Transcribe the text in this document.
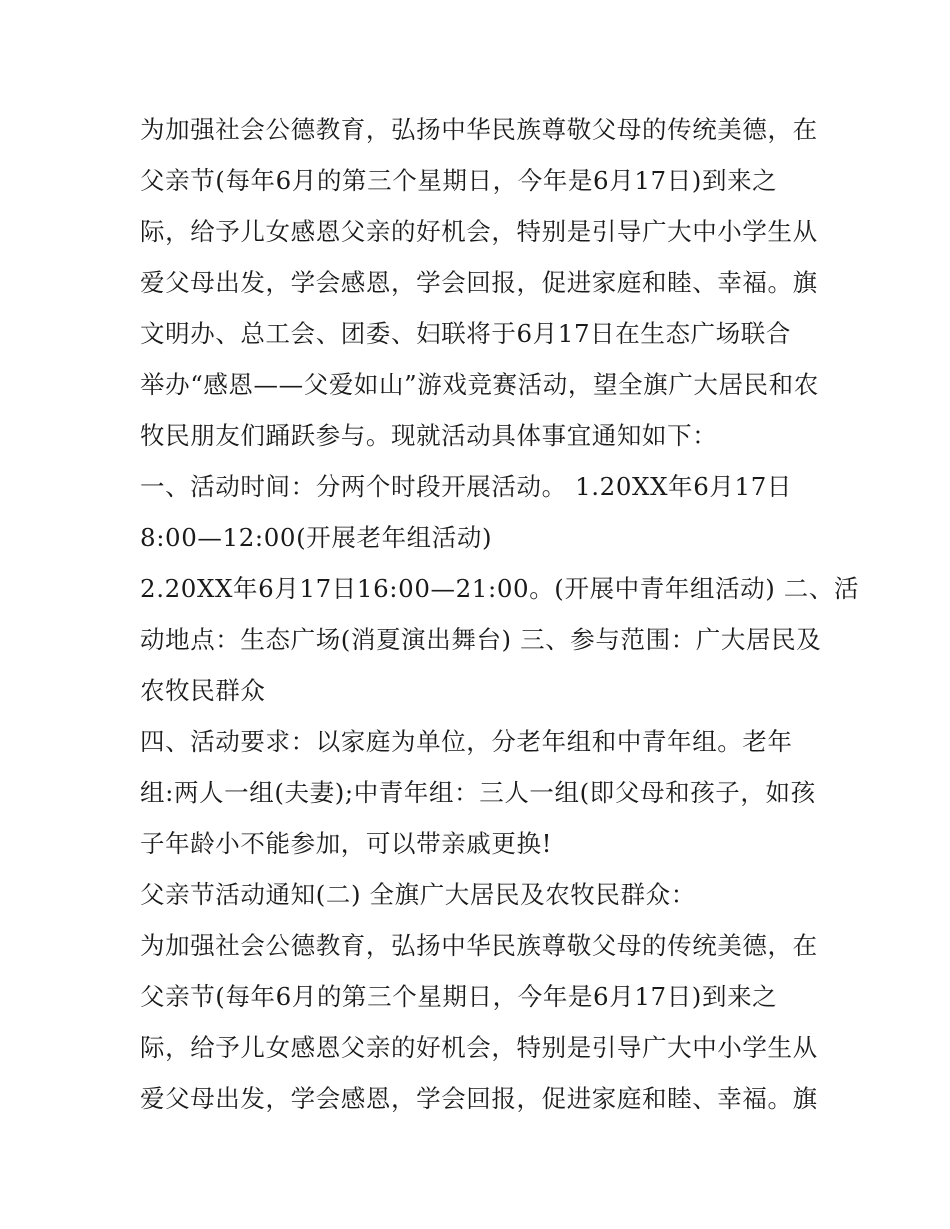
为加强社会公德教育，弘扬中华民族尊敬父母的传统美德，在
父亲节(每年6月的第三个星期日，今年是6月17日)到来之
际，给予儿女感恩父亲的好机会，特别是引导广大中小学生从
爱父母出发，学会感恩，学会回报，促进家庭和睦、幸福。旗
文明办、总工会、团委、妇联将于6月17日在生态广场联合
举办“感恩——父爱如山”游戏竞赛活动，望全旗广大居民和农
牧民朋友们踊跃参与。现就活动具体事宜通知如下：
一、活动时间：分两个时段开展活动。 1.20XX年6月17日
8:00—12:00(开展老年组活动)
2.20XX年6月17日16:00—21:00。(开展中青年组活动) 二、活
动地点：生态广场(消夏演出舞台) 三、参与范围：广大居民及
农牧民群众
四、活动要求：以家庭为单位，分老年组和中青年组。老年
组:两人一组(夫妻);中青年组：三人一组(即父母和孩子，如孩
子年龄小不能参加，可以带亲戚更换!
父亲节活动通知(二) 全旗广大居民及农牧民群众：
为加强社会公德教育，弘扬中华民族尊敬父母的传统美德，在
父亲节(每年6月的第三个星期日，今年是6月17日)到来之
际，给予儿女感恩父亲的好机会，特别是引导广大中小学生从
爱父母出发，学会感恩，学会回报，促进家庭和睦、幸福。旗
